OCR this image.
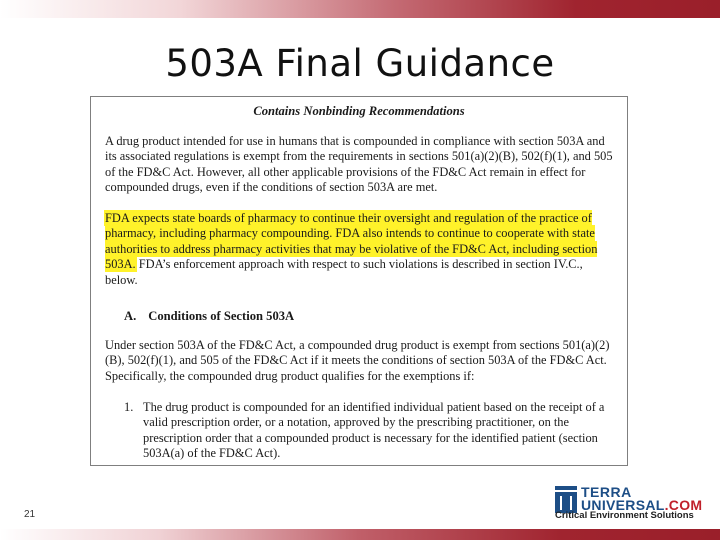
503A Final Guidance
Contains Nonbinding Recommendations
A drug product intended for use in humans that is compounded in compliance with section 503A and its associated regulations is exempt from the requirements in sections 501(a)(2)(B), 502(f)(1), and 505 of the FD&C Act. However, all other applicable provisions of the FD&C Act remain in effect for compounded drugs, even if the conditions of section 503A are met.
FDA expects state boards of pharmacy to continue their oversight and regulation of the practice of pharmacy, including pharmacy compounding. FDA also intends to continue to cooperate with state authorities to address pharmacy activities that may be violative of the FD&C Act, including section 503A. FDA’s enforcement approach with respect to such violations is described in section IV.C., below.
A. Conditions of Section 503A
Under section 503A of the FD&C Act, a compounded drug product is exempt from sections 501(a)(2)(B), 502(f)(1), and 505 of the FD&C Act if it meets the conditions of section 503A of the FD&C Act. Specifically, the compounded drug product qualifies for the exemptions if:
1. The drug product is compounded for an identified individual patient based on the receipt of a valid prescription order, or a notation, approved by the prescribing practitioner, on the prescription order that a compounded product is necessary for the identified patient (section 503A(a) of the FD&C Act).
21
TERRA
UNIVERSAL.COM
Critical Environment Solutions
